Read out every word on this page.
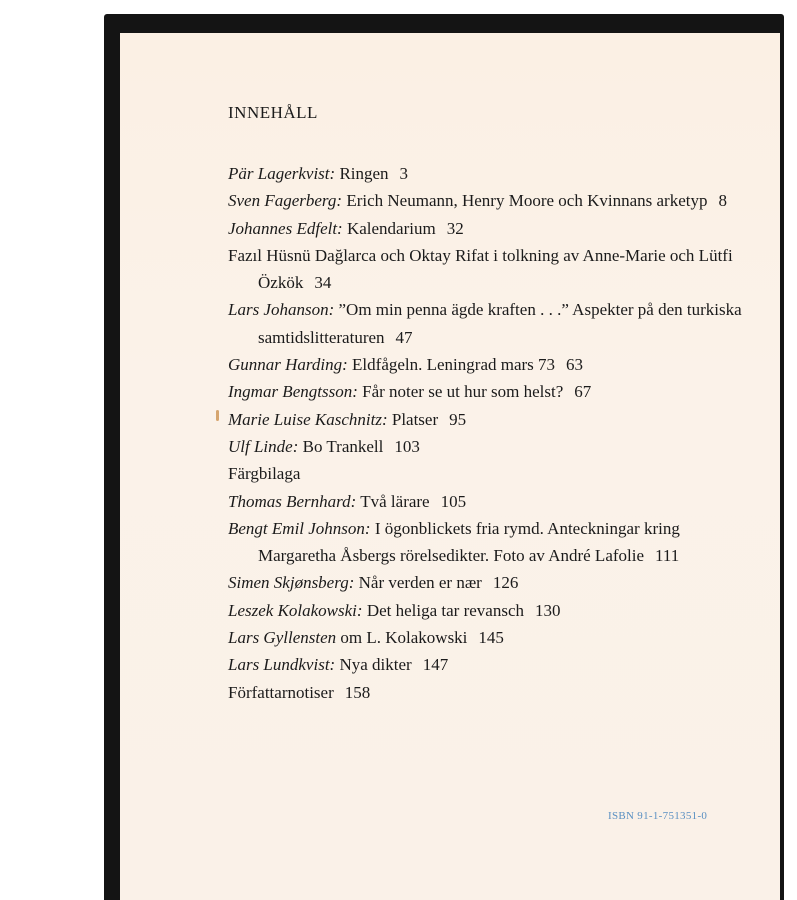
INNEHÅLL
Pär Lagerkvist: Ringen 3
Sven Fagerberg: Erich Neumann, Henry Moore och Kvinnans arketyp 8
Johannes Edfelt: Kalendarium 32
Fazıl Hüsnü Dağlarca och Oktay Rifat i tolkning av Anne-Marie och Lütfi Özkök 34
Lars Johanson: ”Om min penna ägde kraften . . .” Aspekter på den turkiska samtidslitteraturen 47
Gunnar Harding: Eldfågeln. Leningrad mars 73 63
Ingmar Bengtsson: Får noter se ut hur som helst? 67
Marie Luise Kaschnitz: Platser 95
Ulf Linde: Bo Trankell 103
Färgbilaga
Thomas Bernhard: Två lärare 105
Bengt Emil Johnson: I ögonblickets fria rymd. Anteckningar kring Margaretha Åsbergs rörelsedikter. Foto av André Lafolie 111
Simen Skjønsberg: Når verden er nær 126
Leszek Kolakowski: Det heliga tar revansch 130
Lars Gyllensten om L. Kolakowski 145
Lars Lundkvist: Nya dikter 147
Författarnotiser 158
ISBN 91-1-751351-0
